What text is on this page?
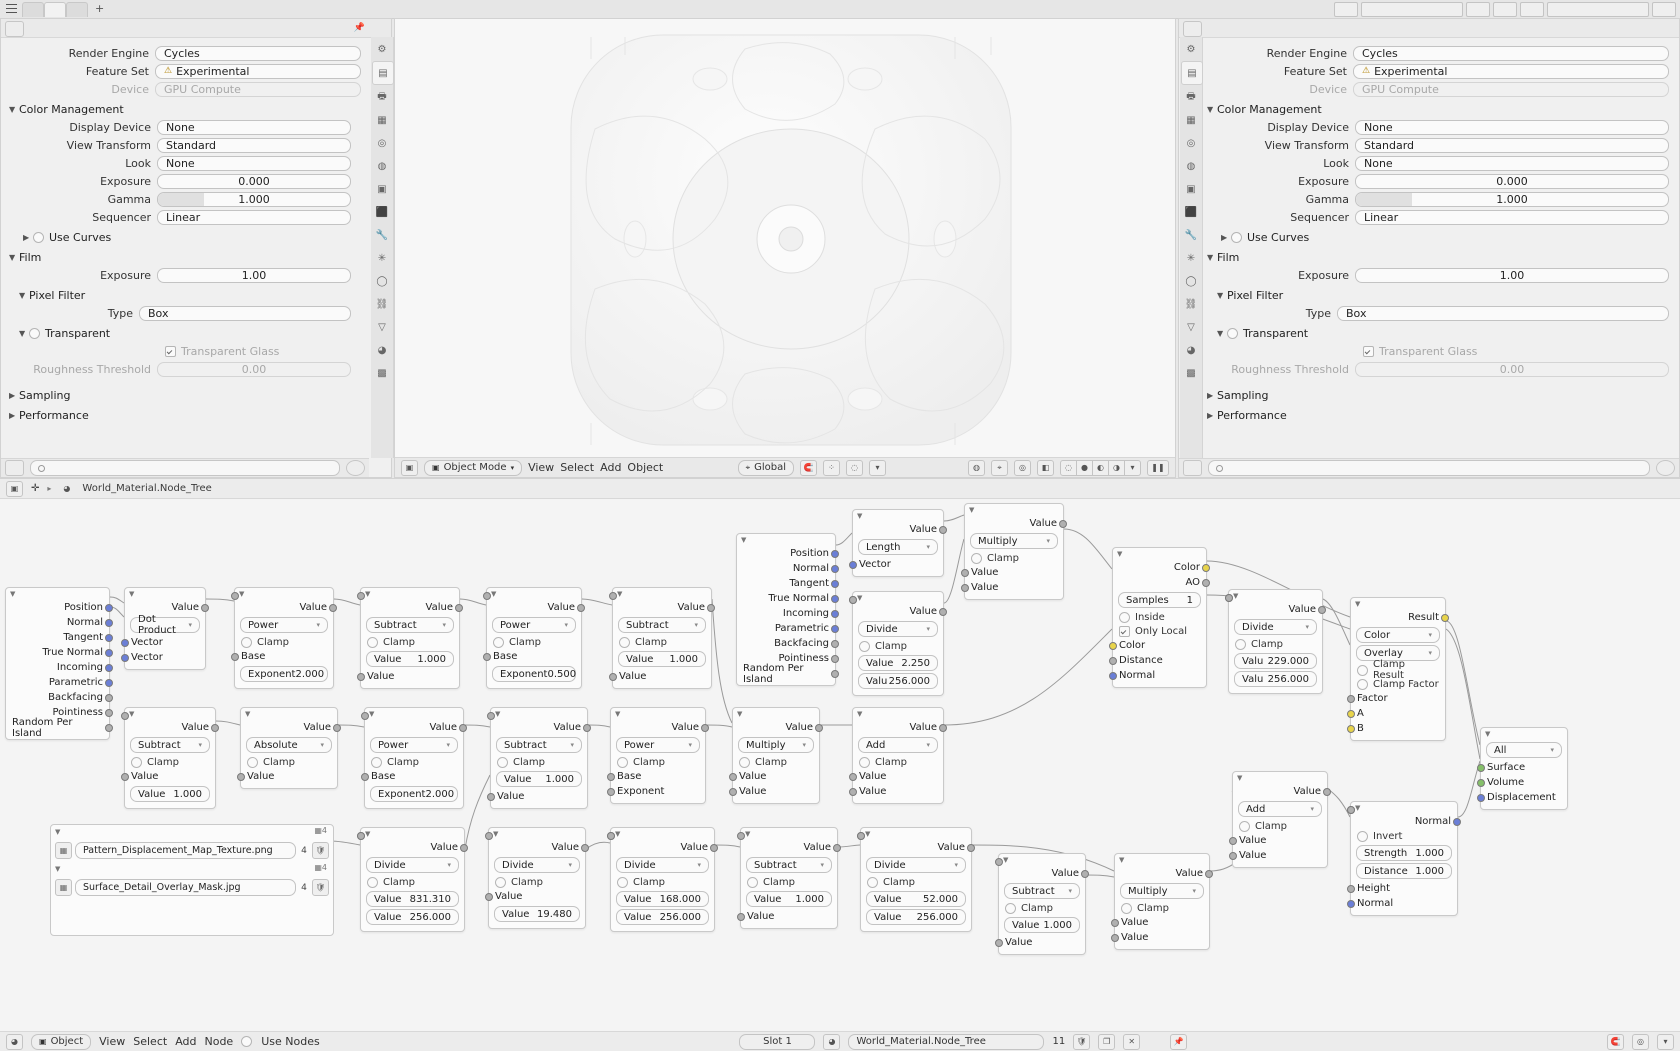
+
📌
⚙
▤
🖶
▦
◎
◍
▣
⬛
🔧
✳
◯
⛓
▽
◕
▩
Render Engine	Cycles
Feature Set	⚠ Experimental
Device	GPU Compute
▼ Color Management
Display Device	None
View Transform	Standard
Look	None
Exposure	0.000
Gamma	1.000
Sequencer	Linear
▶	Use Curves
▼ Film
Exposure	1.00
▼ Pixel Filter
Type	Box
▼	Transparent
Transparent Glass
Roughness Threshold	0.00
▶ Sampling
▶ Performance
▣	▣ Object Mode ▾ View Select Add Object	⌖ Global	🧲	⁘	◌	▾	◍	⌖	◎	◧	◌	●	◐	◑	▾	❚❚
⚙
▤
🖶
▦
◎
◍
▣
⬛
🔧
✳
◯
⛓
▽
◕
▩
Render Engine	Cycles
Feature Set	⚠ Experimental
Device	GPU Compute
▼ Color Management
Display Device	None
View Transform	Standard
Look	None
Exposure	0.000
Gamma	1.000
Sequencer	Linear
▶	Use Curves
▼ Film
Exposure	1.00
▼ Pixel Filter
Type	Box
▼	Transparent
Transparent Glass
Roughness Threshold	0.00
▶ Sampling
▶ Performance
▣	✛ ▸	◕	World_Material.Node_Tree
▼
Position
Normal
Tangent
True Normal
Incoming
Parametric
Backfacing
Pointiness
Random Per Island
▼
Value
Dot Product	▾
Vector
Vector
▼
Value
Power	▾
Clamp
Base
Exponent 2.000
▼
Value
Subtract	▾
Clamp
Value 1.000
Value
▼
Value
Power	▾
Clamp
Base
Exponent 0.500
▼
Value
Subtract	▾
Clamp
Value 1.000
Value
▼
Position
Normal
Tangent
True Normal
Incoming
Parametric
Backfacing
Pointiness
Random Per Island
▼
Value
Length	▾
Vector
▼
Value
Divide	▾
Clamp
Value 2.250
Valu 256.000
▼
Value
Multiply	▾
Clamp
Value
Value
▼
Color
AO
Samples 1
Inside
Only Local
Color
Distance
Normal
▼
Value
Divide	▾
Clamp
Valu 229.000
Valu 256.000
▼
Result
Color	▾
Overlay	▾
Clamp Result
Clamp Factor
Factor
A
B
▼
Value
Subtract	▾
Clamp
Value
Value 1.000
▼
Value
Absolute	▾
Clamp
Value
▼
Value
Power	▾
Clamp
Base
Exponent 2.000
▼
Value
Subtract	▾
Clamp
Value 1.000
Value
▼
Value
Power	▾
Clamp
Base
Exponent
▼
Value
Multiply ▾
Clamp
Value
Value
▼
Value
Add	▾
Clamp
Value
Value
▼
Value
Add	▾
Clamp
Value
Value
▼
Normal
Invert
Strength 1.000
Distance 1.000
Height
Normal
▼
All	▾
Surface
Volume
Displacement
▼
Value
Divide	▾
Clamp
Value 831.310
Value 256.000
▼
Value
Divide	▾
Clamp
Value
Value 19.480
▼
Value
Divide	▾
Clamp
Value 168.000
Value 256.000
▼
Value
Subtract	▾
Clamp
Value 1.000
Value
▼
Value
Divide	▾
Clamp
Value 52.000
Value 256.000
▼
Value
Subtract ▾
Clamp
Value 1.000
Value
▼
Value
Multiply	▾
Clamp
Value
Value
▼	▦4
▦	Pattern_Displacement_Map_Texture.png	4	🛡
▼	▦4
▦	Surface_Detail_Overlay_Mask.jpg	4	🛡
◕	▣ Object View Select Add Node	Use Nodes	Slot 1	◕	World_Material.Node_Tree	11	🛡	❐	✕	📌	🧲	◎	▾
